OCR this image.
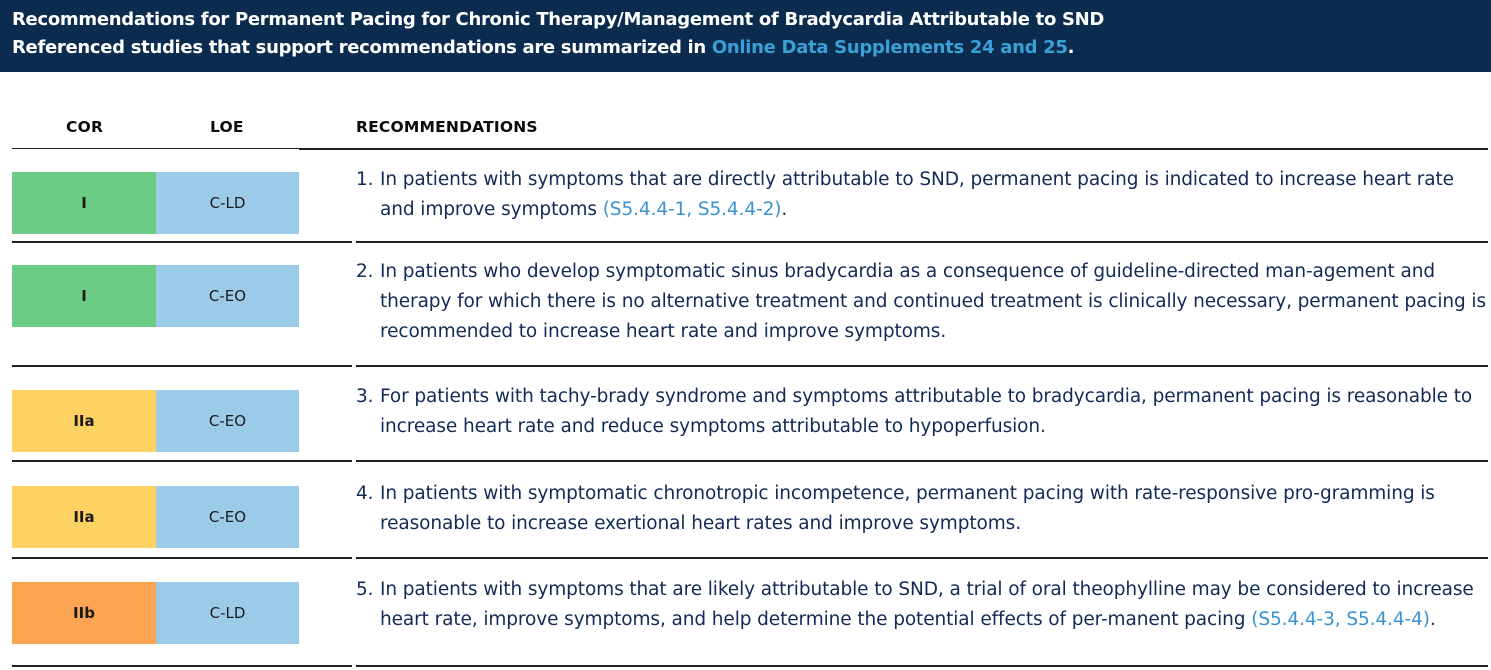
Recommendations for Permanent Pacing for Chronic Therapy/Management of Bradycardia Attributable to SND
Referenced studies that support recommendations are summarized in Online Data Supplements 24 and 25.
COR	LOE	RECOMMENDATIONS
I	C-LD
1. In patients with symptoms that are directly attributable to SND, permanent pacing is indicated to increase heart rate and improve symptoms (S5.4.4-1, S5.4.4-2).
I	C-EO
2. In patients who develop symptomatic sinus bradycardia as a consequence of guideline-directed man-agement and therapy for which there is no alternative treatment and continued treatment is clinically necessary, permanent pacing is recommended to increase heart rate and improve symptoms.
IIa	C-EO
3. For patients with tachy-brady syndrome and symptoms attributable to bradycardia, permanent pacing is reasonable to increase heart rate and reduce symptoms attributable to hypoperfusion.
IIa	C-EO
4. In patients with symptomatic chronotropic incompetence, permanent pacing with rate-responsive pro-gramming is reasonable to increase exertional heart rates and improve symptoms.
IIb	C-LD
5. In patients with symptoms that are likely attributable to SND, a trial of oral theophylline may be considered to increase heart rate, improve symptoms, and help determine the potential effects of per-manent pacing (S5.4.4-3, S5.4.4-4).
